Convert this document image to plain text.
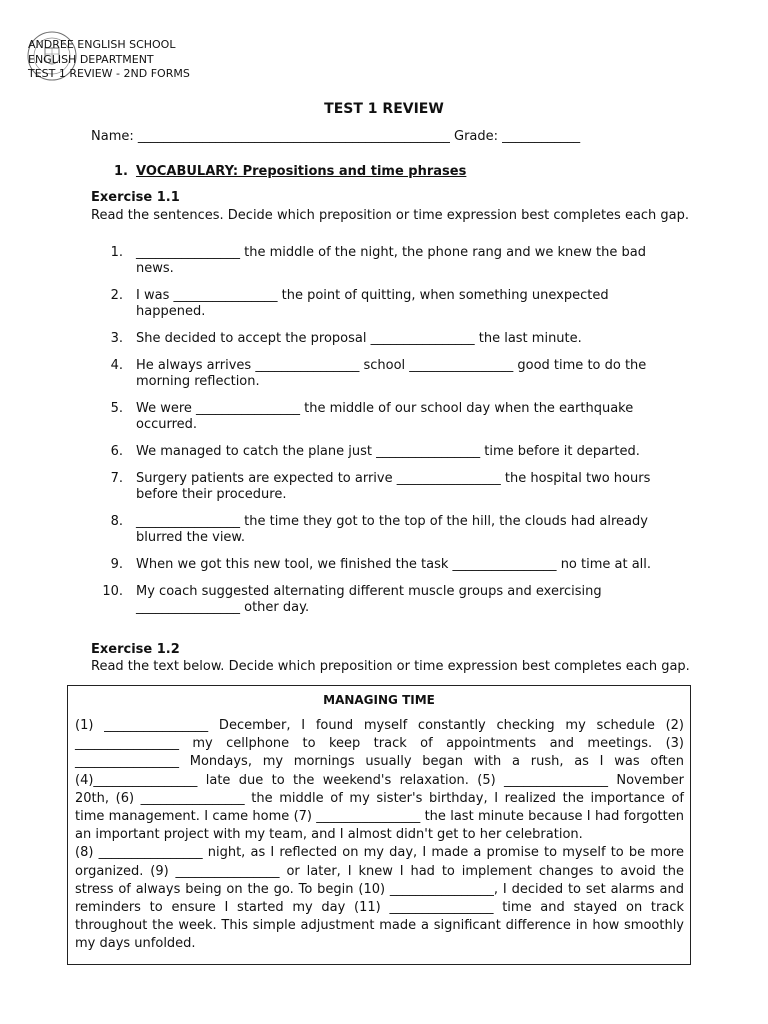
ANDREE ENGLISH SCHOOL
ENGLISH DEPARTMENT
TEST 1 REVIEW - 2ND FORMS
TEST 1 REVIEW
Name: ________________________________________________ Grade: ____________
1. VOCABULARY: Prepositions and time phrases
Exercise 1.1
Read the sentences. Decide which preposition or time expression best completes each gap.
1. ________________ the middle of the night, the phone rang and we knew the bad news.
2. I was ________________ the point of quitting, when something unexpected happened.
3. She decided to accept the proposal ________________ the last minute.
4. He always arrives ________________ school ________________ good time to do the morning reflection.
5. We were ________________ the middle of our school day when the earthquake occurred.
6. We managed to catch the plane just ________________ time before it departed.
7. Surgery patients are expected to arrive ________________ the hospital two hours before their procedure.
8. ________________ the time they got to the top of the hill, the clouds had already blurred the view.
9. When we got this new tool, we finished the task ________________ no time at all.
10. My coach suggested alternating different muscle groups and exercising ________________ other day.
Exercise 1.2
Read the text below. Decide which preposition or time expression best completes each gap.
MANAGING TIME

(1) ________________ December, I found myself constantly checking my schedule (2) ________________ my cellphone to keep track of appointments and meetings. (3) ________________ Mondays, my mornings usually began with a rush, as I was often (4)________________ late due to the weekend's relaxation. (5) ________________ November 20th, (6) ________________ the middle of my sister's birthday, I realized the importance of time management. I came home (7) ________________ the last minute because I had forgotten an important project with my team, and I almost didn't get to her celebration.

(8) ________________ night, as I reflected on my day, I made a promise to myself to be more organized. (9) ________________ or later, I knew I had to implement changes to avoid the stress of always being on the go. To begin (10) ________________, I decided to set alarms and reminders to ensure I started my day (11) ________________ time and stayed on track throughout the week. This simple adjustment made a significant difference in how smoothly my days unfolded.
